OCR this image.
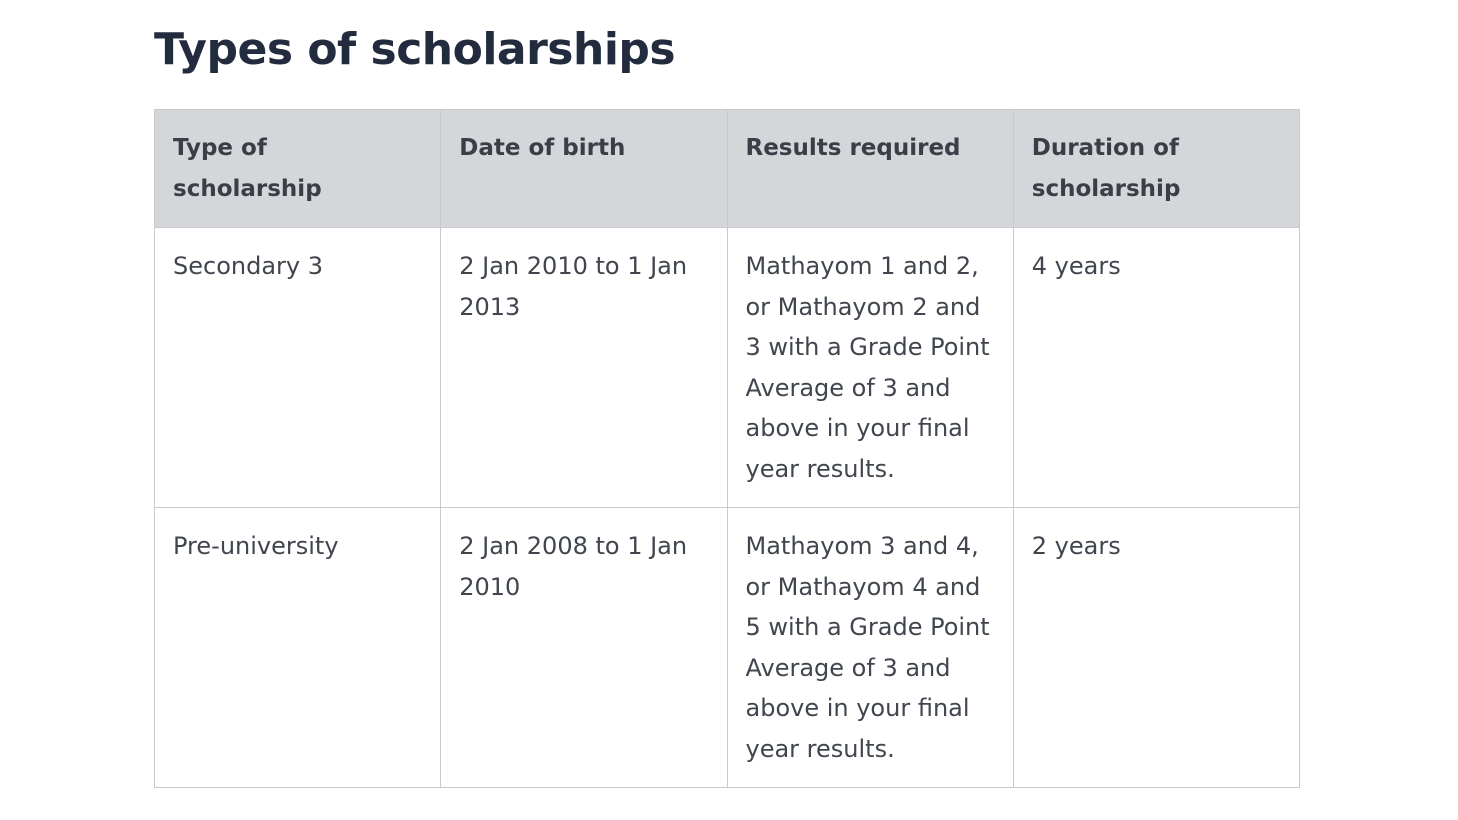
Types of scholarships
Type of scholarship	Date of birth	Results required	Duration of scholarship
Secondary 3	2 Jan 2010 to 1 Jan 2013	Mathayom 1 and 2, or Mathayom 2 and 3 with a Grade Point Average of 3 and above in your final year results.	4 years
Pre-university	2 Jan 2008 to 1 Jan 2010	Mathayom 3 and 4, or Mathayom 4 and 5 with a Grade Point Average of 3 and above in your final year results.	2 years
